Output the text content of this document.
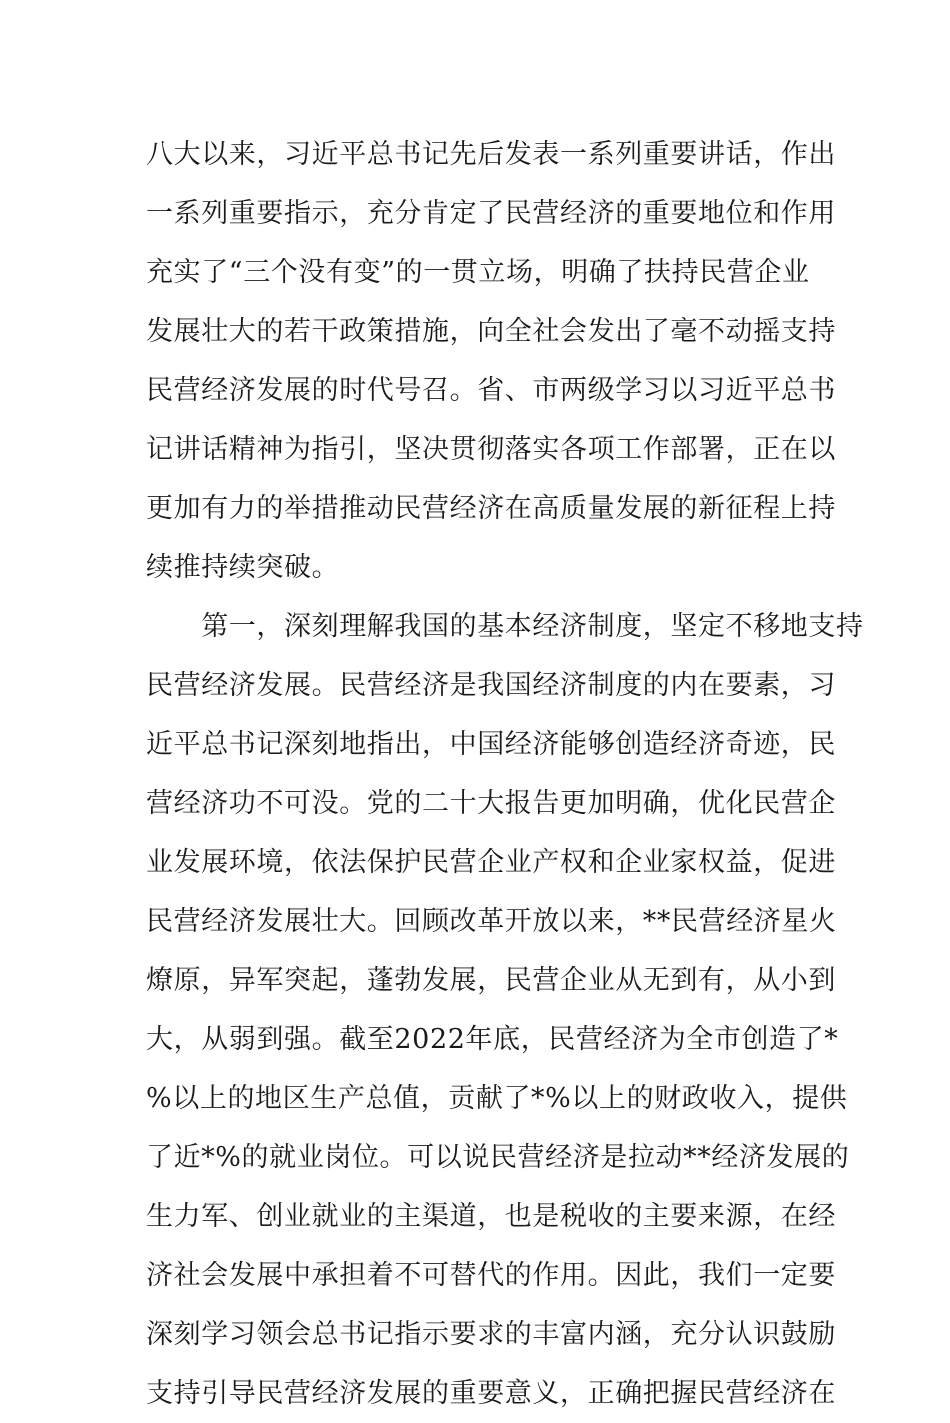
八大以来，习近平总书记先后发表一系列重要讲话，作出
一系列重要指示，充分肯定了民营经济的重要地位和作用
充实了“三个没有变”的一贯立场，明确了扶持民营企业
发展壮大的若干政策措施，向全社会发出了毫不动摇支持
民营经济发展的时代号召。省、市两级学习以习近平总书
记讲话精神为指引，坚决贯彻落实各项工作部署，正在以
更加有力的举措推动民营经济在高质量发展的新征程上持
续推持续突破。
　　第一，深刻理解我国的基本经济制度，坚定不移地支持
民营经济发展。民营经济是我国经济制度的内在要素，习
近平总书记深刻地指出，中国经济能够创造经济奇迹，民
营经济功不可没。党的二十大报告更加明确，优化民营企
业发展环境，依法保护民营企业产权和企业家权益，促进
民营经济发展壮大。回顾改革开放以来，**民营经济星火
燎原，异军突起，蓬勃发展，民营企业从无到有，从小到
大，从弱到强。截至2022年底，民营经济为全市创造了*
%以上的地区生产总值，贡献了*%以上的财政收入，提供
了近*%的就业岗位。可以说民营经济是拉动**经济发展的
生力军、创业就业的主渠道，也是税收的主要来源，在经
济社会发展中承担着不可替代的作用。因此，我们一定要
深刻学习领会总书记指示要求的丰富内涵，充分认识鼓励
支持引导民营经济发展的重要意义，正确把握民营经济在
